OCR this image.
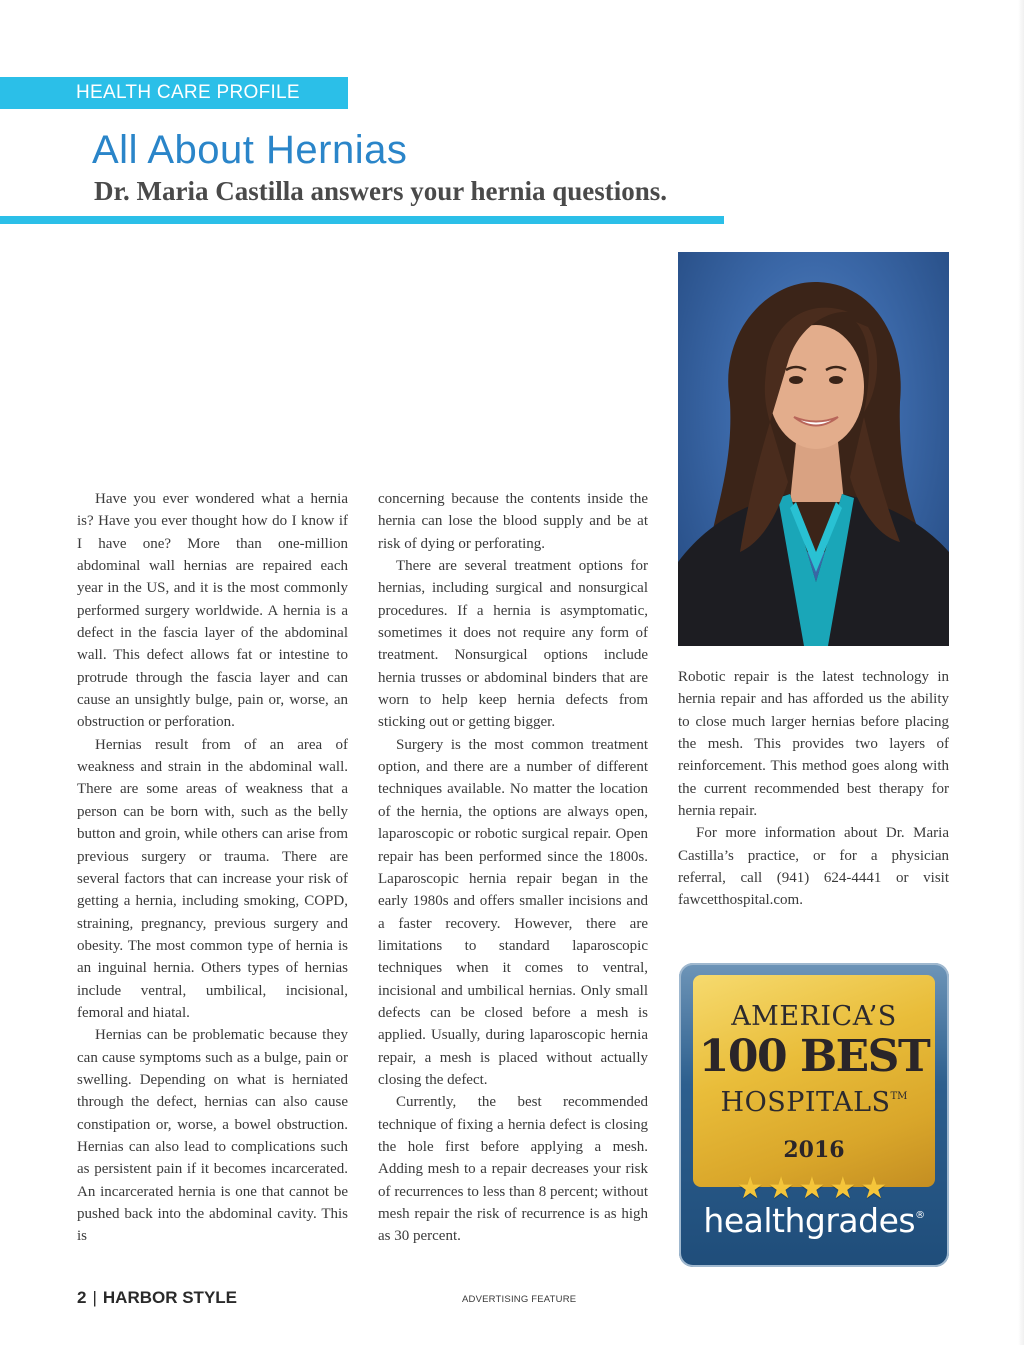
HEALTH CARE PROFILE
All About Hernias
Dr. Maria Castilla answers your hernia questions.

Have you ever wondered what a hernia is? Have you ever thought how do I know if I have one? More than one-million abdominal wall hernias are repaired each year in the US, and it is the most commonly performed surgery worldwide. A hernia is a defect in the fascia layer of the abdominal wall. This defect allows fat or intestine to protrude through the fascia layer and can cause an unsightly bulge, pain or, worse, an obstruction or perforation.

Hernias result from of an area of weakness and strain in the abdominal wall. There are some areas of weakness that a person can be born with, such as the belly button and groin, while others can arise from previous surgery or trauma. There are several factors that can increase your risk of getting a hernia, including smoking, COPD, straining, pregnancy, previous surgery and obesity. The most common type of hernia is an inguinal hernia. Others types of hernias include ventral, umbilical, incisional, femoral and hiatal.

Hernias can be problematic because they can cause symptoms such as a bulge, pain or swelling. Depending on what is herniated through the defect, hernias can also cause constipation or, worse, a bowel obstruction. Hernias can also lead to complications such as persistent pain if it becomes incarcerated. An incarcerated hernia is one that cannot be pushed back into the abdominal cavity. This is

concerning because the contents inside the hernia can lose the blood supply and be at risk of dying or perforating.

There are several treatment options for hernias, including surgical and nonsurgical procedures. If a hernia is asymptomatic, sometimes it does not require any form of treatment. Nonsurgical options include hernia trusses or abdominal binders that are worn to help keep hernia defects from sticking out or getting bigger.

Surgery is the most common treatment option, and there are a number of different techniques available. No matter the location of the hernia, the options are always open, laparoscopic or robotic surgical repair. Open repair has been performed since the 1800s. Laparoscopic hernia repair began in the early 1980s and offers smaller incisions and a faster recovery. However, there are limitations to standard laparoscopic techniques when it comes to ventral, incisional and umbilical hernias. Only small defects can be closed before a mesh is applied. Usually, during laparoscopic hernia repair, a mesh is placed without actually closing the defect.

Currently, the best recommended technique of fixing a hernia defect is closing the hole first before applying a mesh. Adding mesh to a repair decreases your risk of recurrences to less than 8 percent; without mesh repair the risk of recurrence is as high as 30 percent.

Robotic repair is the latest technology in hernia repair and has afforded us the ability to close much larger hernias before placing the mesh. This provides two layers of reinforcement. This method goes along with the current recommended best therapy for hernia repair.

For more information about Dr. Maria Castilla’s practice, or for a physician referral, call (941) 624-4441 or visit fawcetthospital.com.

AMERICA’S
100 BEST
HOSPITALS™
2016
★★★★★
healthgrades®
2 | HARBOR STYLE	ADVERTISING FEATURE
